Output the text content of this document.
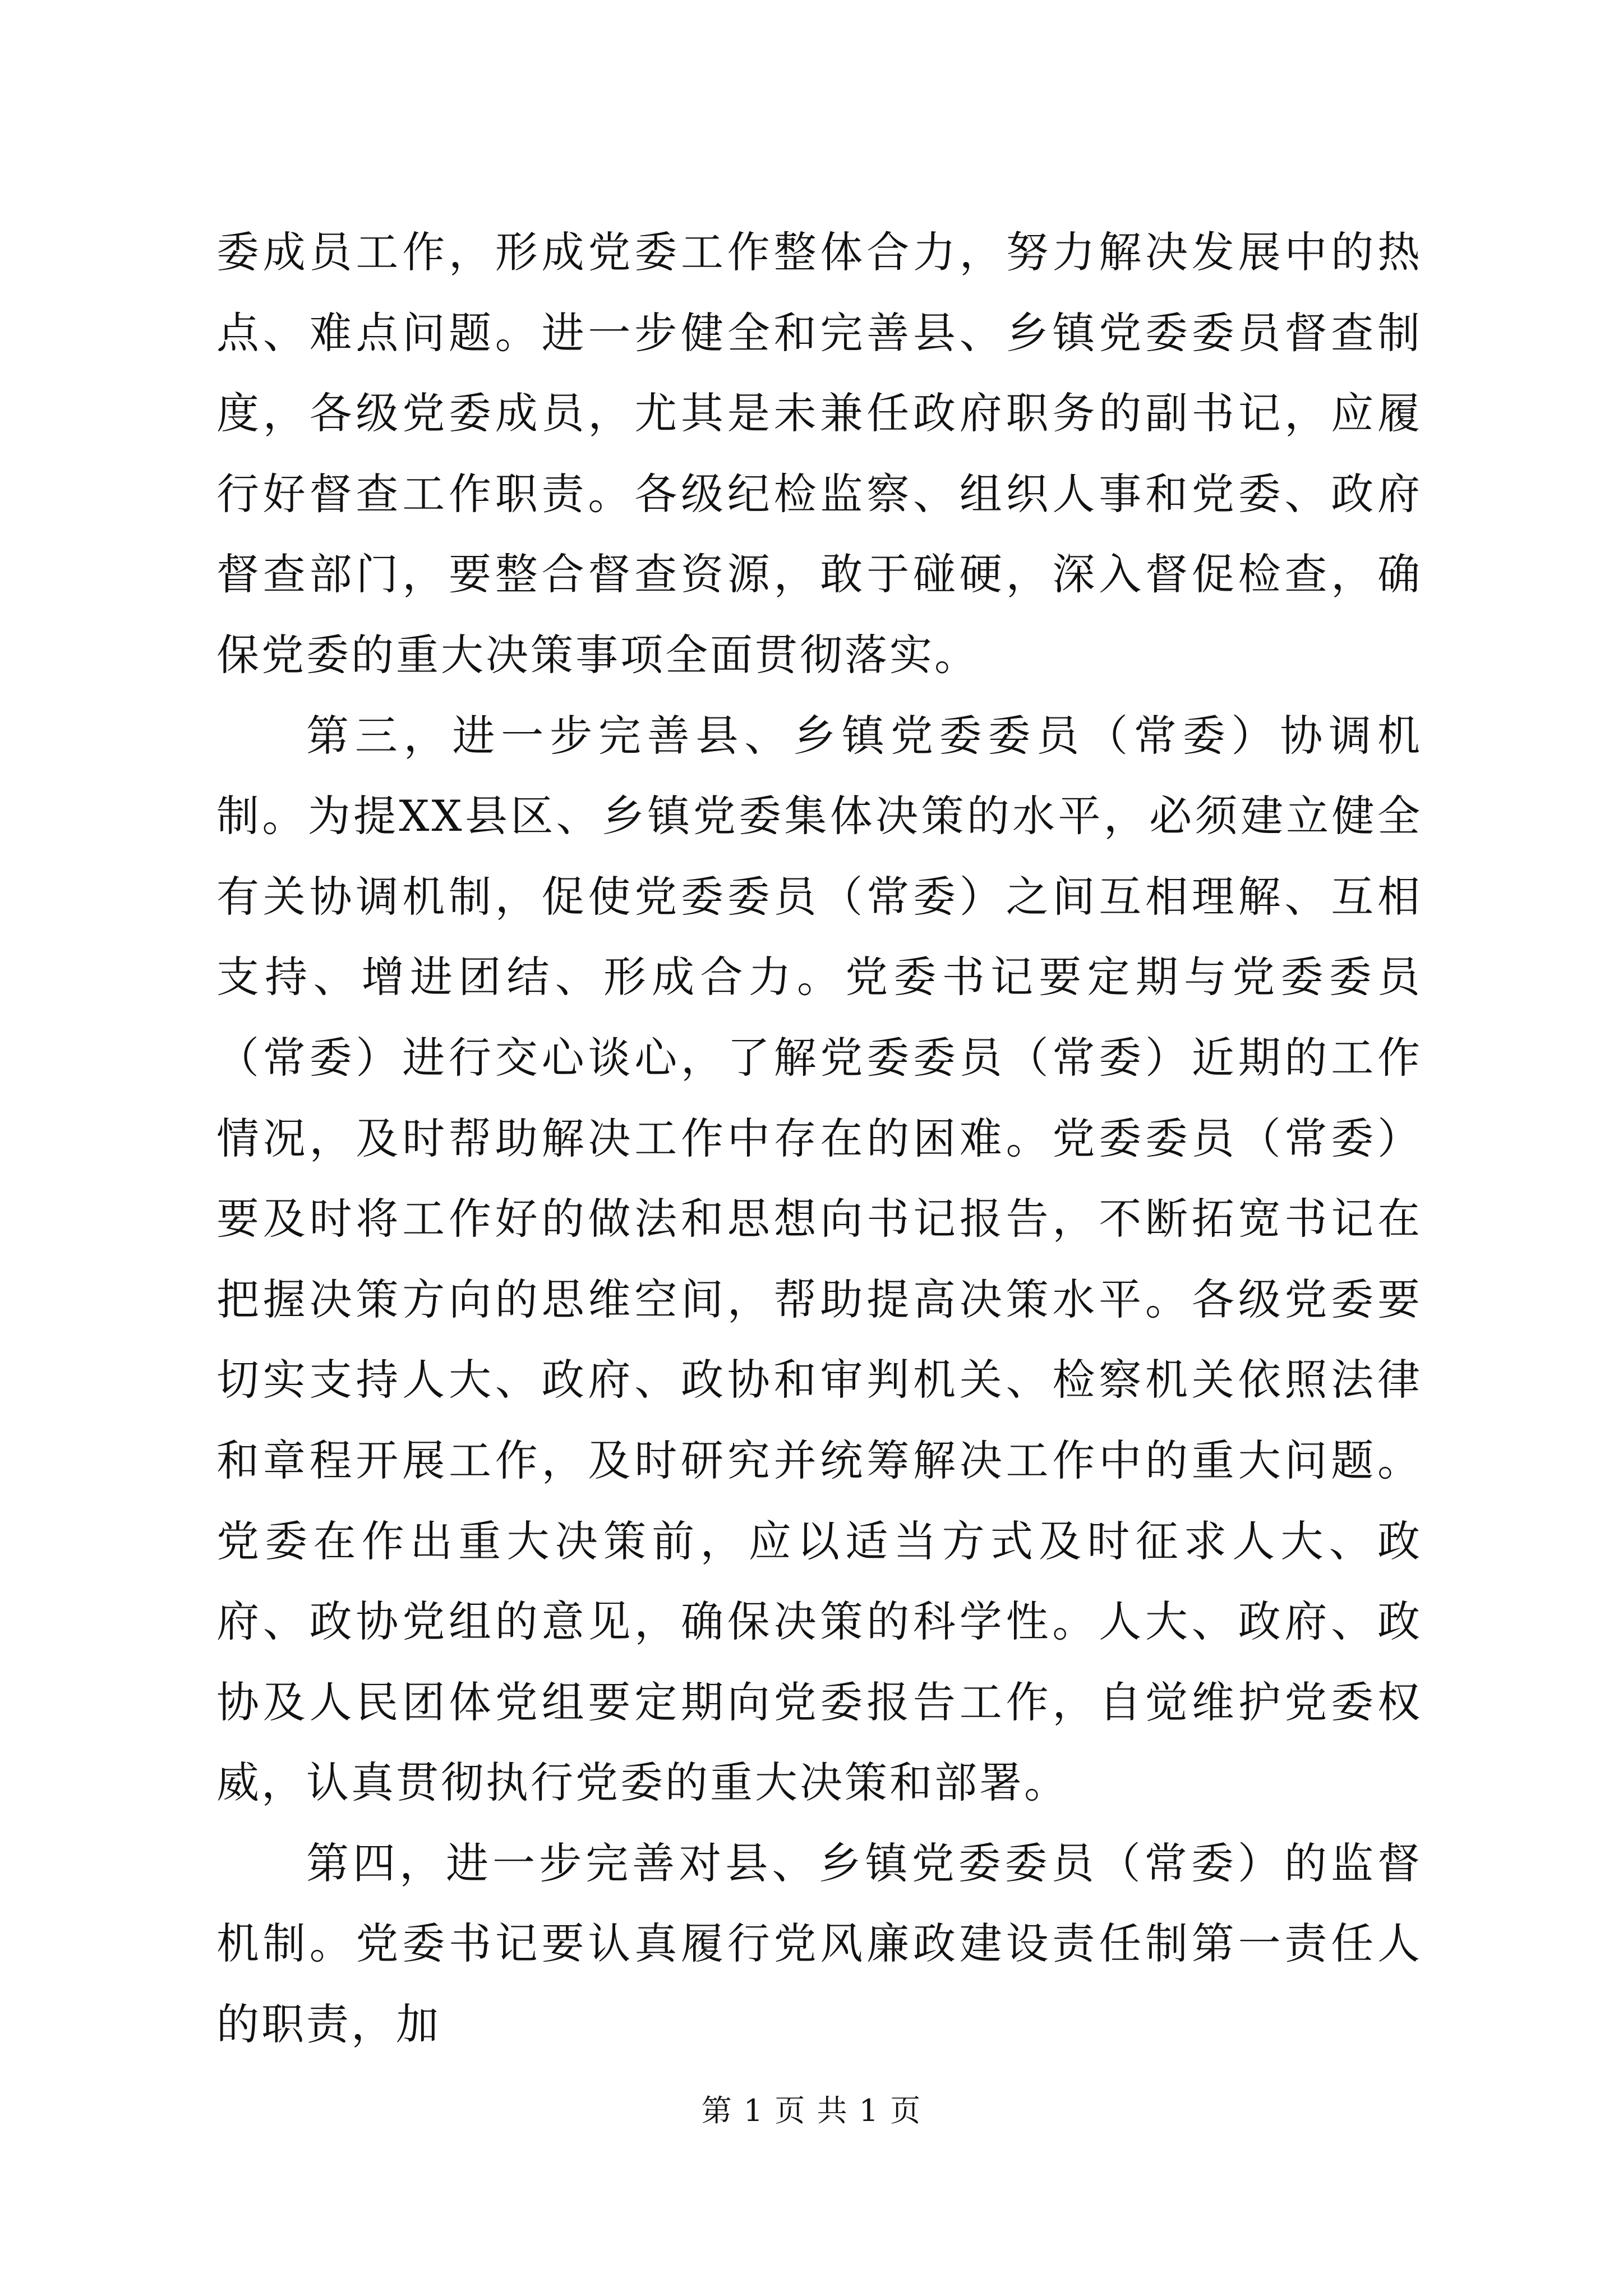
委成员工作，形成党委工作整体合力，努力解决发展中的热点、难点问题。进一步健全和完善县、乡镇党委委员督查制度，各级党委成员，尤其是未兼任政府职务的副书记，应履行好督查工作职责。各级纪检监察、组织人事和党委、政府督查部门，要整合督查资源，敢于碰硬，深入督促检查，确保党委的重大决策事项全面贯彻落实。

第三，进一步完善县、乡镇党委委员（常委）协调机制。为提XX县区、乡镇党委集体决策的水平，必须建立健全有关协调机制，促使党委委员（常委）之间互相理解、互相支持、增进团结、形成合力。党委书记要定期与党委委员（常委）进行交心谈心，了解党委委员（常委）近期的工作情况，及时帮助解决工作中存在的困难。党委委员（常委）要及时将工作好的做法和思想向书记报告，不断拓宽书记在把握决策方向的思维空间，帮助提高决策水平。各级党委要切实支持人大、政府、政协和审判机关、检察机关依照法律和章程开展工作，及时研究并统筹解决工作中的重大问题。党委在作出重大决策前，应以适当方式及时征求人大、政府、政协党组的意见，确保决策的科学性。人大、政府、政协及人民团体党组要定期向党委报告工作，自觉维护党委权威，认真贯彻执行党委的重大决策和部署。

第四，进一步完善对县、乡镇党委委员（常委）的监督机制。党委书记要认真履行党风廉政建设责任制第一责任人的职责，加

第 1 页 共 1 页
